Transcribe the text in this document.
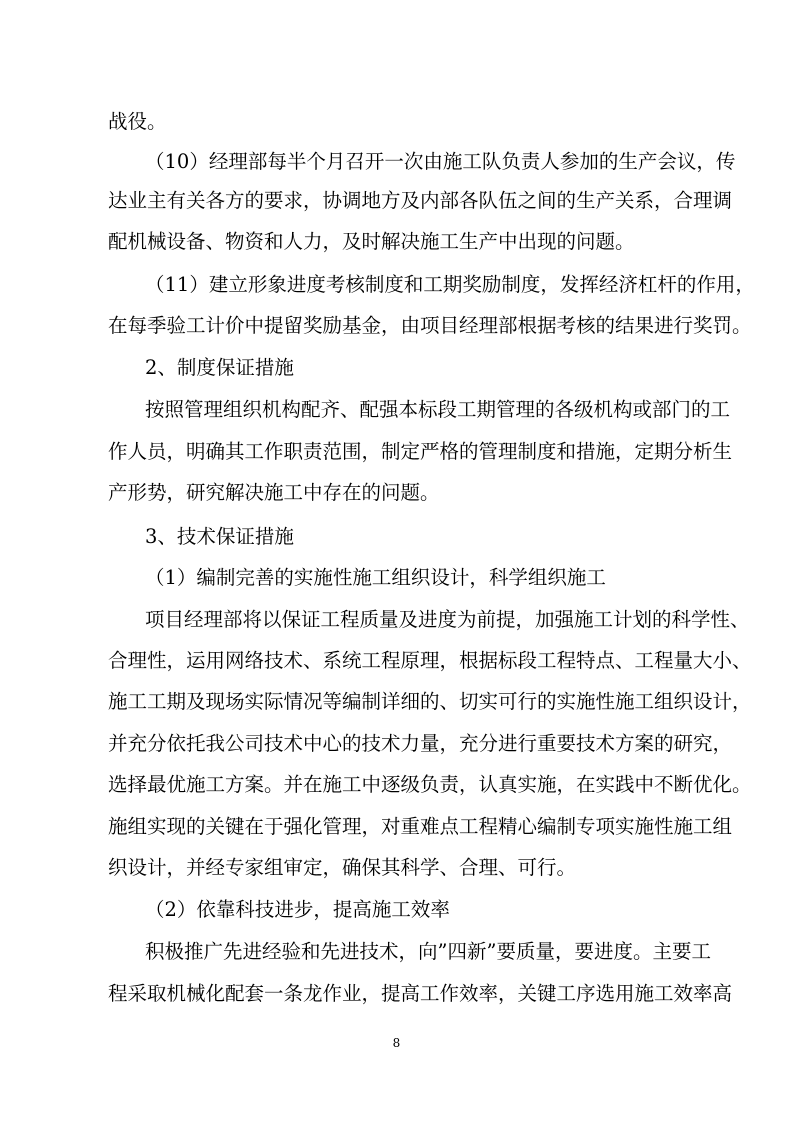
战役。
（10）经理部每半个月召开一次由施工队负责人参加的生产会议，传
达业主有关各方的要求，协调地方及内部各队伍之间的生产关系，合理调
配机械设备、物资和人力，及时解决施工生产中出现的问题。
（11）建立形象进度考核制度和工期奖励制度，发挥经济杠杆的作用，
在每季验工计价中提留奖励基金，由项目经理部根据考核的结果进行奖罚。
2、制度保证措施
按照管理组织机构配齐、配强本标段工期管理的各级机构或部门的工
作人员，明确其工作职责范围，制定严格的管理制度和措施，定期分析生
产形势，研究解决施工中存在的问题。
3、技术保证措施
（1）编制完善的实施性施工组织设计，科学组织施工
项目经理部将以保证工程质量及进度为前提，加强施工计划的科学性、
合理性，运用网络技术、系统工程原理，根据标段工程特点、工程量大小、
施工工期及现场实际情况等编制详细的、切实可行的实施性施工组织设计，
并充分依托我公司技术中心的技术力量，充分进行重要技术方案的研究，
选择最优施工方案。并在施工中逐级负责，认真实施，在实践中不断优化。
施组实现的关键在于强化管理，对重难点工程精心编制专项实施性施工组
织设计，并经专家组审定，确保其科学、合理、可行。
（2）依靠科技进步，提高施工效率
积极推广先进经验和先进技术，向”四新”要质量，要进度。主要工
程采取机械化配套一条龙作业，提高工作效率，关键工序选用施工效率高
8
